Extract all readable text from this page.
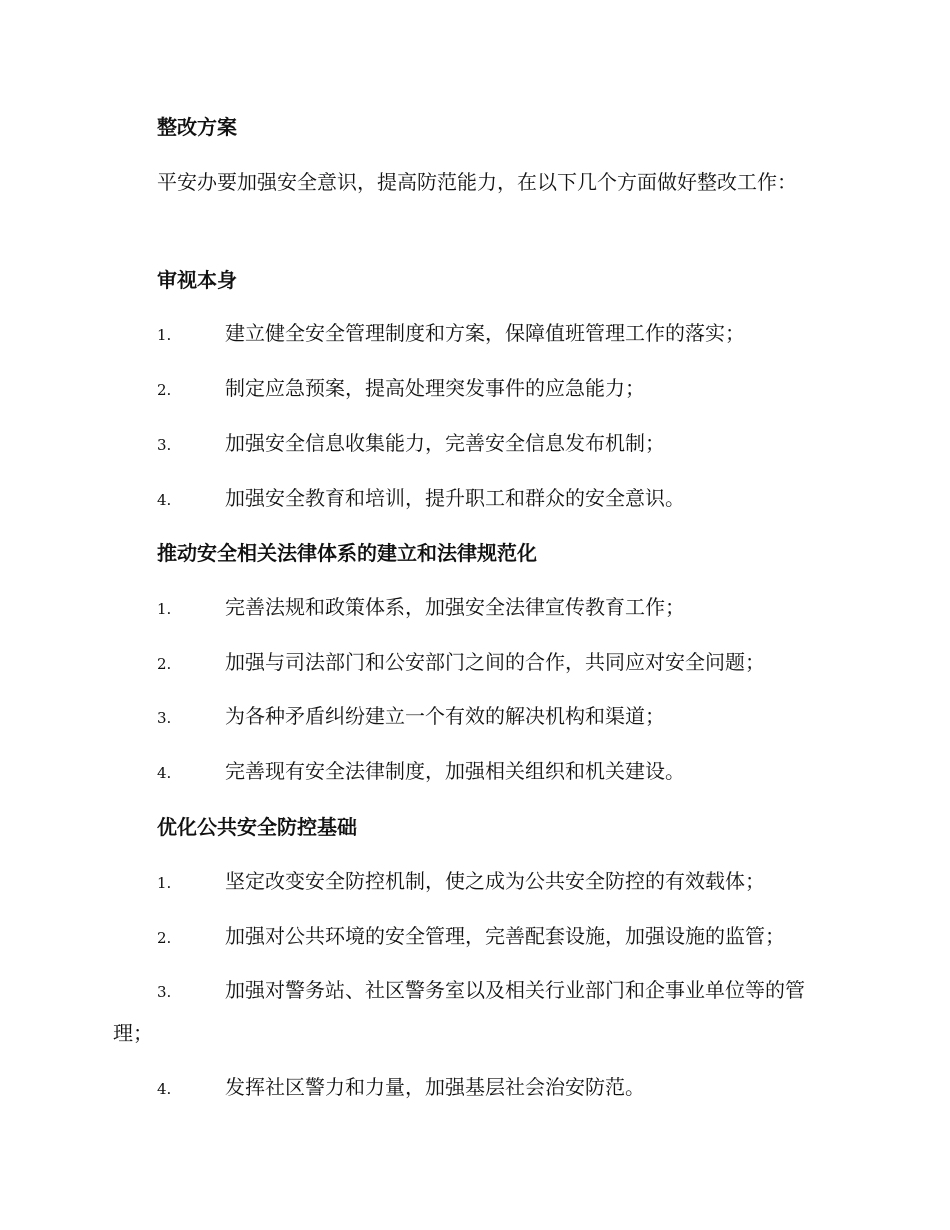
整改方案

平安办要加强安全意识，提高防范能力，在以下几个方面做好整改工作：

审视本身

1.	建立健全安全管理制度和方案，保障值班管理工作的落实；

2.	制定应急预案，提高处理突发事件的应急能力；

3.	加强安全信息收集能力，完善安全信息发布机制；

4.	加强安全教育和培训，提升职工和群众的安全意识。

推动安全相关法律体系的建立和法律规范化

1.	完善法规和政策体系，加强安全法律宣传教育工作；

2.	加强与司法部门和公安部门之间的合作，共同应对安全问题；

3.	为各种矛盾纠纷建立一个有效的解决机构和渠道；

4.	完善现有安全法律制度，加强相关组织和机关建设。

优化公共安全防控基础

1.	坚定改变安全防控机制，使之成为公共安全防控的有效载体；

2.	加强对公共环境的安全管理，完善配套设施，加强设施的监管；

3.	加强对警务站、社区警务室以及相关行业部门和企事业单位等的管理；

4.	发挥社区警力和力量，加强基层社会治安防范。
